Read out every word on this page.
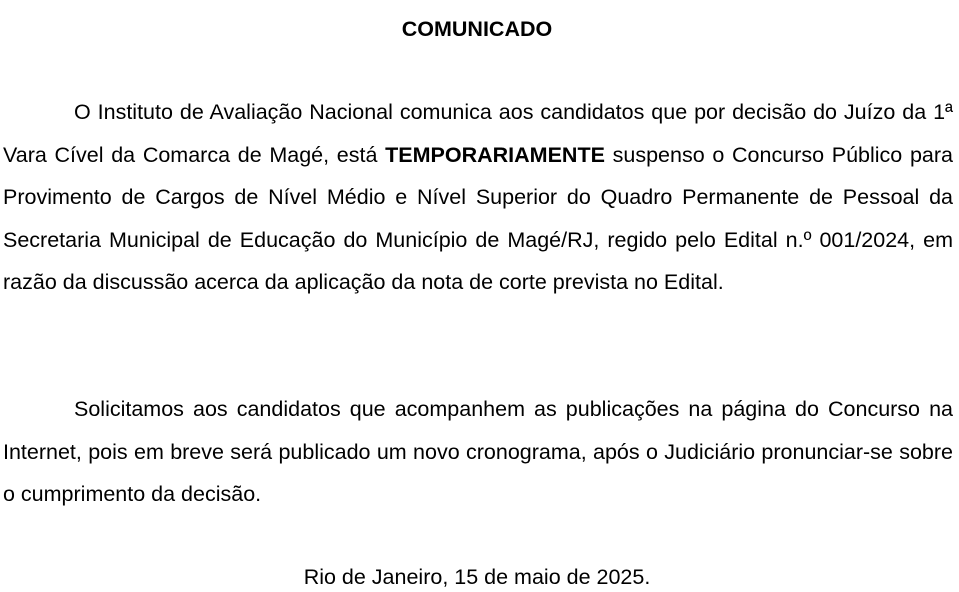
COMUNICADO

O Instituto de Avaliação Nacional comunica aos candidatos que por decisão do Juízo da 1ª Vara Cível da Comarca de Magé, está TEMPORARIAMENTE suspenso o Concurso Público para Provimento de Cargos de Nível Médio e Nível Superior do Quadro Permanente de Pessoal da Secretaria Municipal de Educação do Município de Magé/RJ, regido pelo Edital n.º 001/2024, em razão da discussão acerca da aplicação da nota de corte prevista no Edital.

Solicitamos aos candidatos que acompanhem as publicações na página do Concurso na Internet, pois em breve será publicado um novo cronograma, após o Judiciário pronunciar-se sobre o cumprimento da decisão.

Rio de Janeiro, 15 de maio de 2025.
